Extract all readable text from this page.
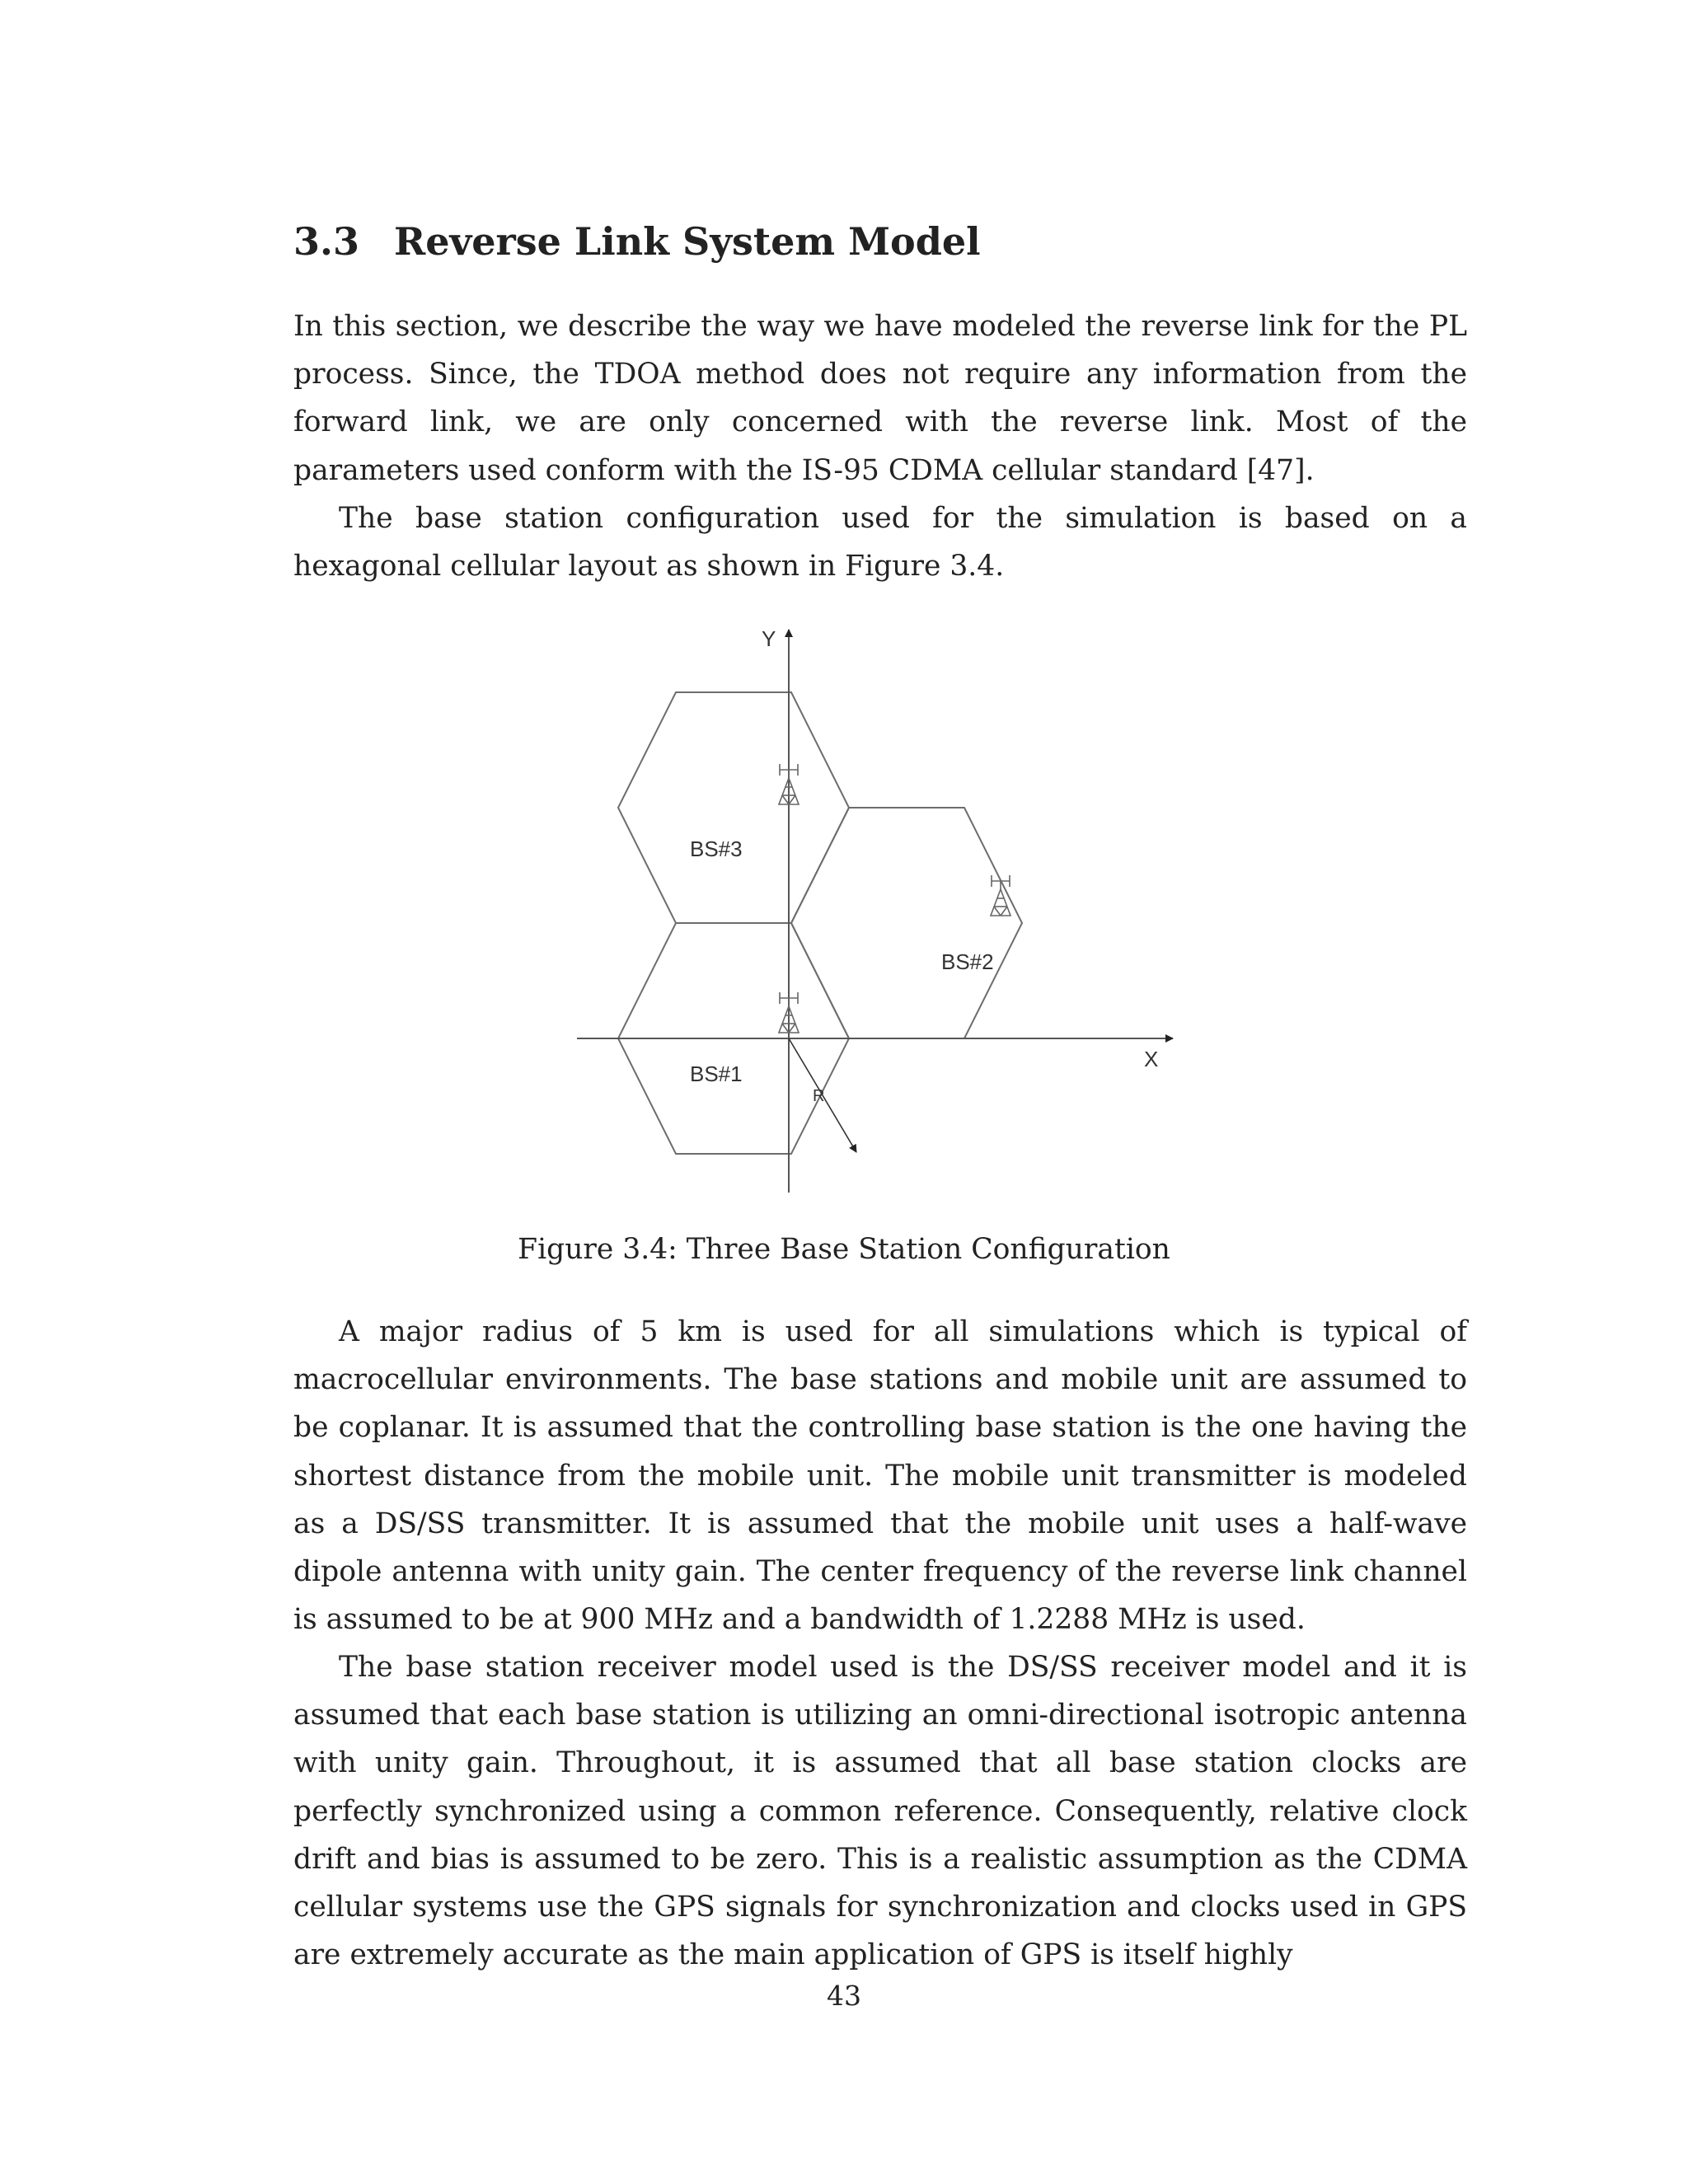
3.3 Reverse Link System Model

In this section, we describe the way we have modeled the reverse link for the PL process. Since, the TDOA method does not require any information from the forward link, we are only concerned with the reverse link. Most of the parameters used conform with the IS-95 CDMA cellular standard [47].

The base station configuration used for the simulation is based on a hexagonal cellular layout as shown in Figure 3.4.

Y
X
BS#3
BS#2
BS#1
R

Figure 3.4: Three Base Station Configuration

A major radius of 5 km is used for all simulations which is typical of macrocellular environments. The base stations and mobile unit are assumed to be coplanar. It is assumed that the controlling base station is the one having the shortest distance from the mobile unit. The mobile unit transmitter is modeled as a DS/SS transmitter. It is assumed that the mobile unit uses a half-wave dipole antenna with unity gain. The center frequency of the reverse link channel is assumed to be at 900 MHz and a bandwidth of 1.2288 MHz is used.

The base station receiver model used is the DS/SS receiver model and it is assumed that each base station is utilizing an omni-directional isotropic antenna with unity gain. Throughout, it is assumed that all base station clocks are perfectly synchronized using a common reference. Consequently, relative clock drift and bias is assumed to be zero. This is a realistic assumption as the CDMA cellular systems use the GPS signals for synchronization and clocks used in GPS are extremely accurate as the main application of GPS is itself highly

43
